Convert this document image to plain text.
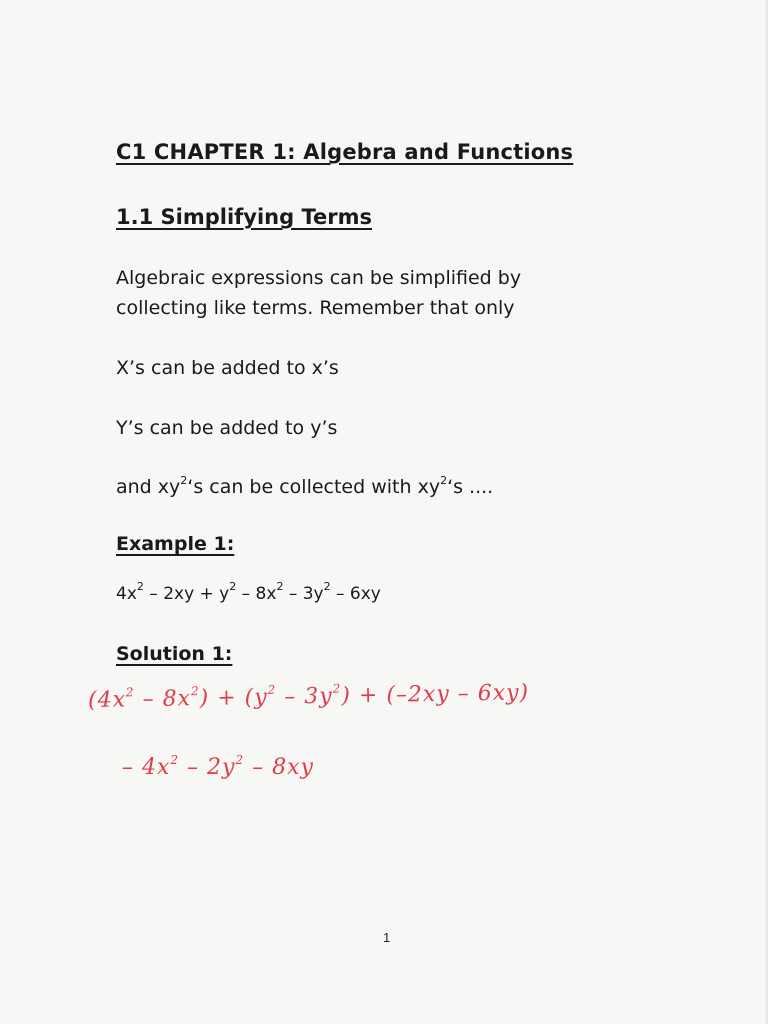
C1 CHAPTER 1: Algebra and Functions
1.1 Simplifying Terms
Algebraic expressions can be simplified by
collecting like terms. Remember that only
X’s can be added to x’s
Y’s can be added to y’s
and $xy^2‘s$ can be collected with $xy^2‘s$ ....
Example 1:
$4x^2 - 2xy + y^2 - 8x^2 - 3y^2 - 6xy$
Solution 1:
$(4x^2 - 8x^2) + (y^2 - 3y^2) + (-2xy - 6xy)$
– $4x^2 - 2y^2 - 8xy$
1
